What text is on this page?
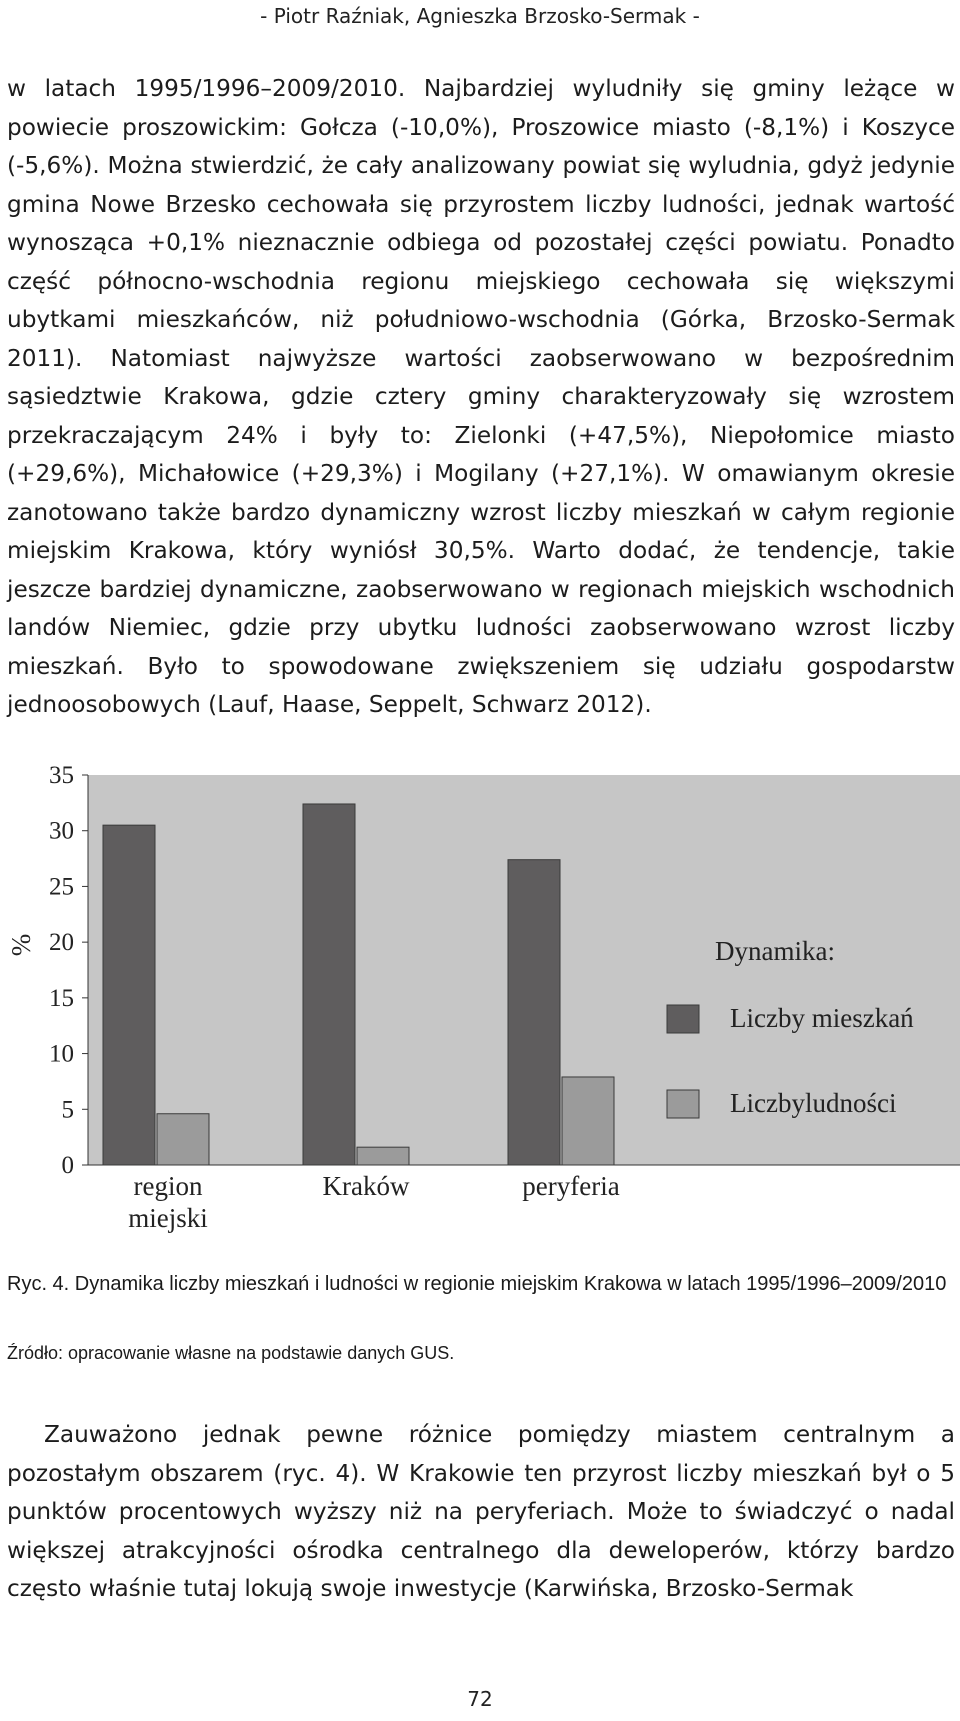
- Piotr Raźniak, Agnieszka Brzosko-Sermak -

w latach 1995/1996–2009/2010. Najbardziej wyludniły się gminy leżące w powiecie proszowickim: Gołcza (-10,0%), Proszowice miasto (-8,1%) i Koszyce (-5,6%). Można stwierdzić, że cały analizowany powiat się wyludnia, gdyż jedynie gmina Nowe Brzesko cechowała się przyrostem liczby ludności, jednak wartość wynosząca +0,1% nieznacznie odbiega od pozostałej części powiatu. Ponadto część północno-wschodnia regionu miejskiego cechowała się większymi ubytkami mieszkańców, niż południowo-wschodnia (Górka, Brzosko-Sermak 2011). Natomiast najwyższe wartości zaobserwowano w bezpośrednim sąsiedztwie Krakowa, gdzie cztery gminy charakteryzowały się wzrostem przekraczającym 24% i były to: Zielonki (+47,5%), Niepołomice miasto (+29,6%), Michałowice (+29,3%) i Mogilany (+27,1%). W omawianym okresie zanotowano także bardzo dynamiczny wzrost liczby mieszkań w całym regionie miejskim Krakowa, który wyniósł 30,5%. Warto dodać, że tendencje, takie jeszcze bardziej dynamiczne, zaobserwowano w regionach miejskich wschodnich landów Niemiec, gdzie przy ubytku ludności zaobserwowano wzrost liczby mieszkań. Było to spowodowane zwiększeniem się udziału gospodarstw jednoosobowych (Lauf, Haase, Seppelt, Schwarz 2012).

0
5
10
15
20
25
30
35
%
region
miejski
Kraków	peryferia
Dynamika:
Liczby mieszkań
Liczbyludności
Ryc. 4. Dynamika liczby mieszkań i ludności w regionie miejskim Krakowa w latach 1995/1996–2009/2010
Źródło: opracowanie własne na podstawie danych GUS.

Zauważono jednak pewne różnice pomiędzy miastem centralnym a pozostałym obszarem (ryc. 4). W Krakowie ten przyrost liczby mieszkań był o 5 punktów procentowych wyższy niż na peryferiach. Może to świadczyć o nadal większej atrakcyjności ośrodka centralnego dla deweloperów, którzy bardzo często właśnie tutaj lokują swoje inwestycje (Karwińska, Brzosko-Sermak

72
